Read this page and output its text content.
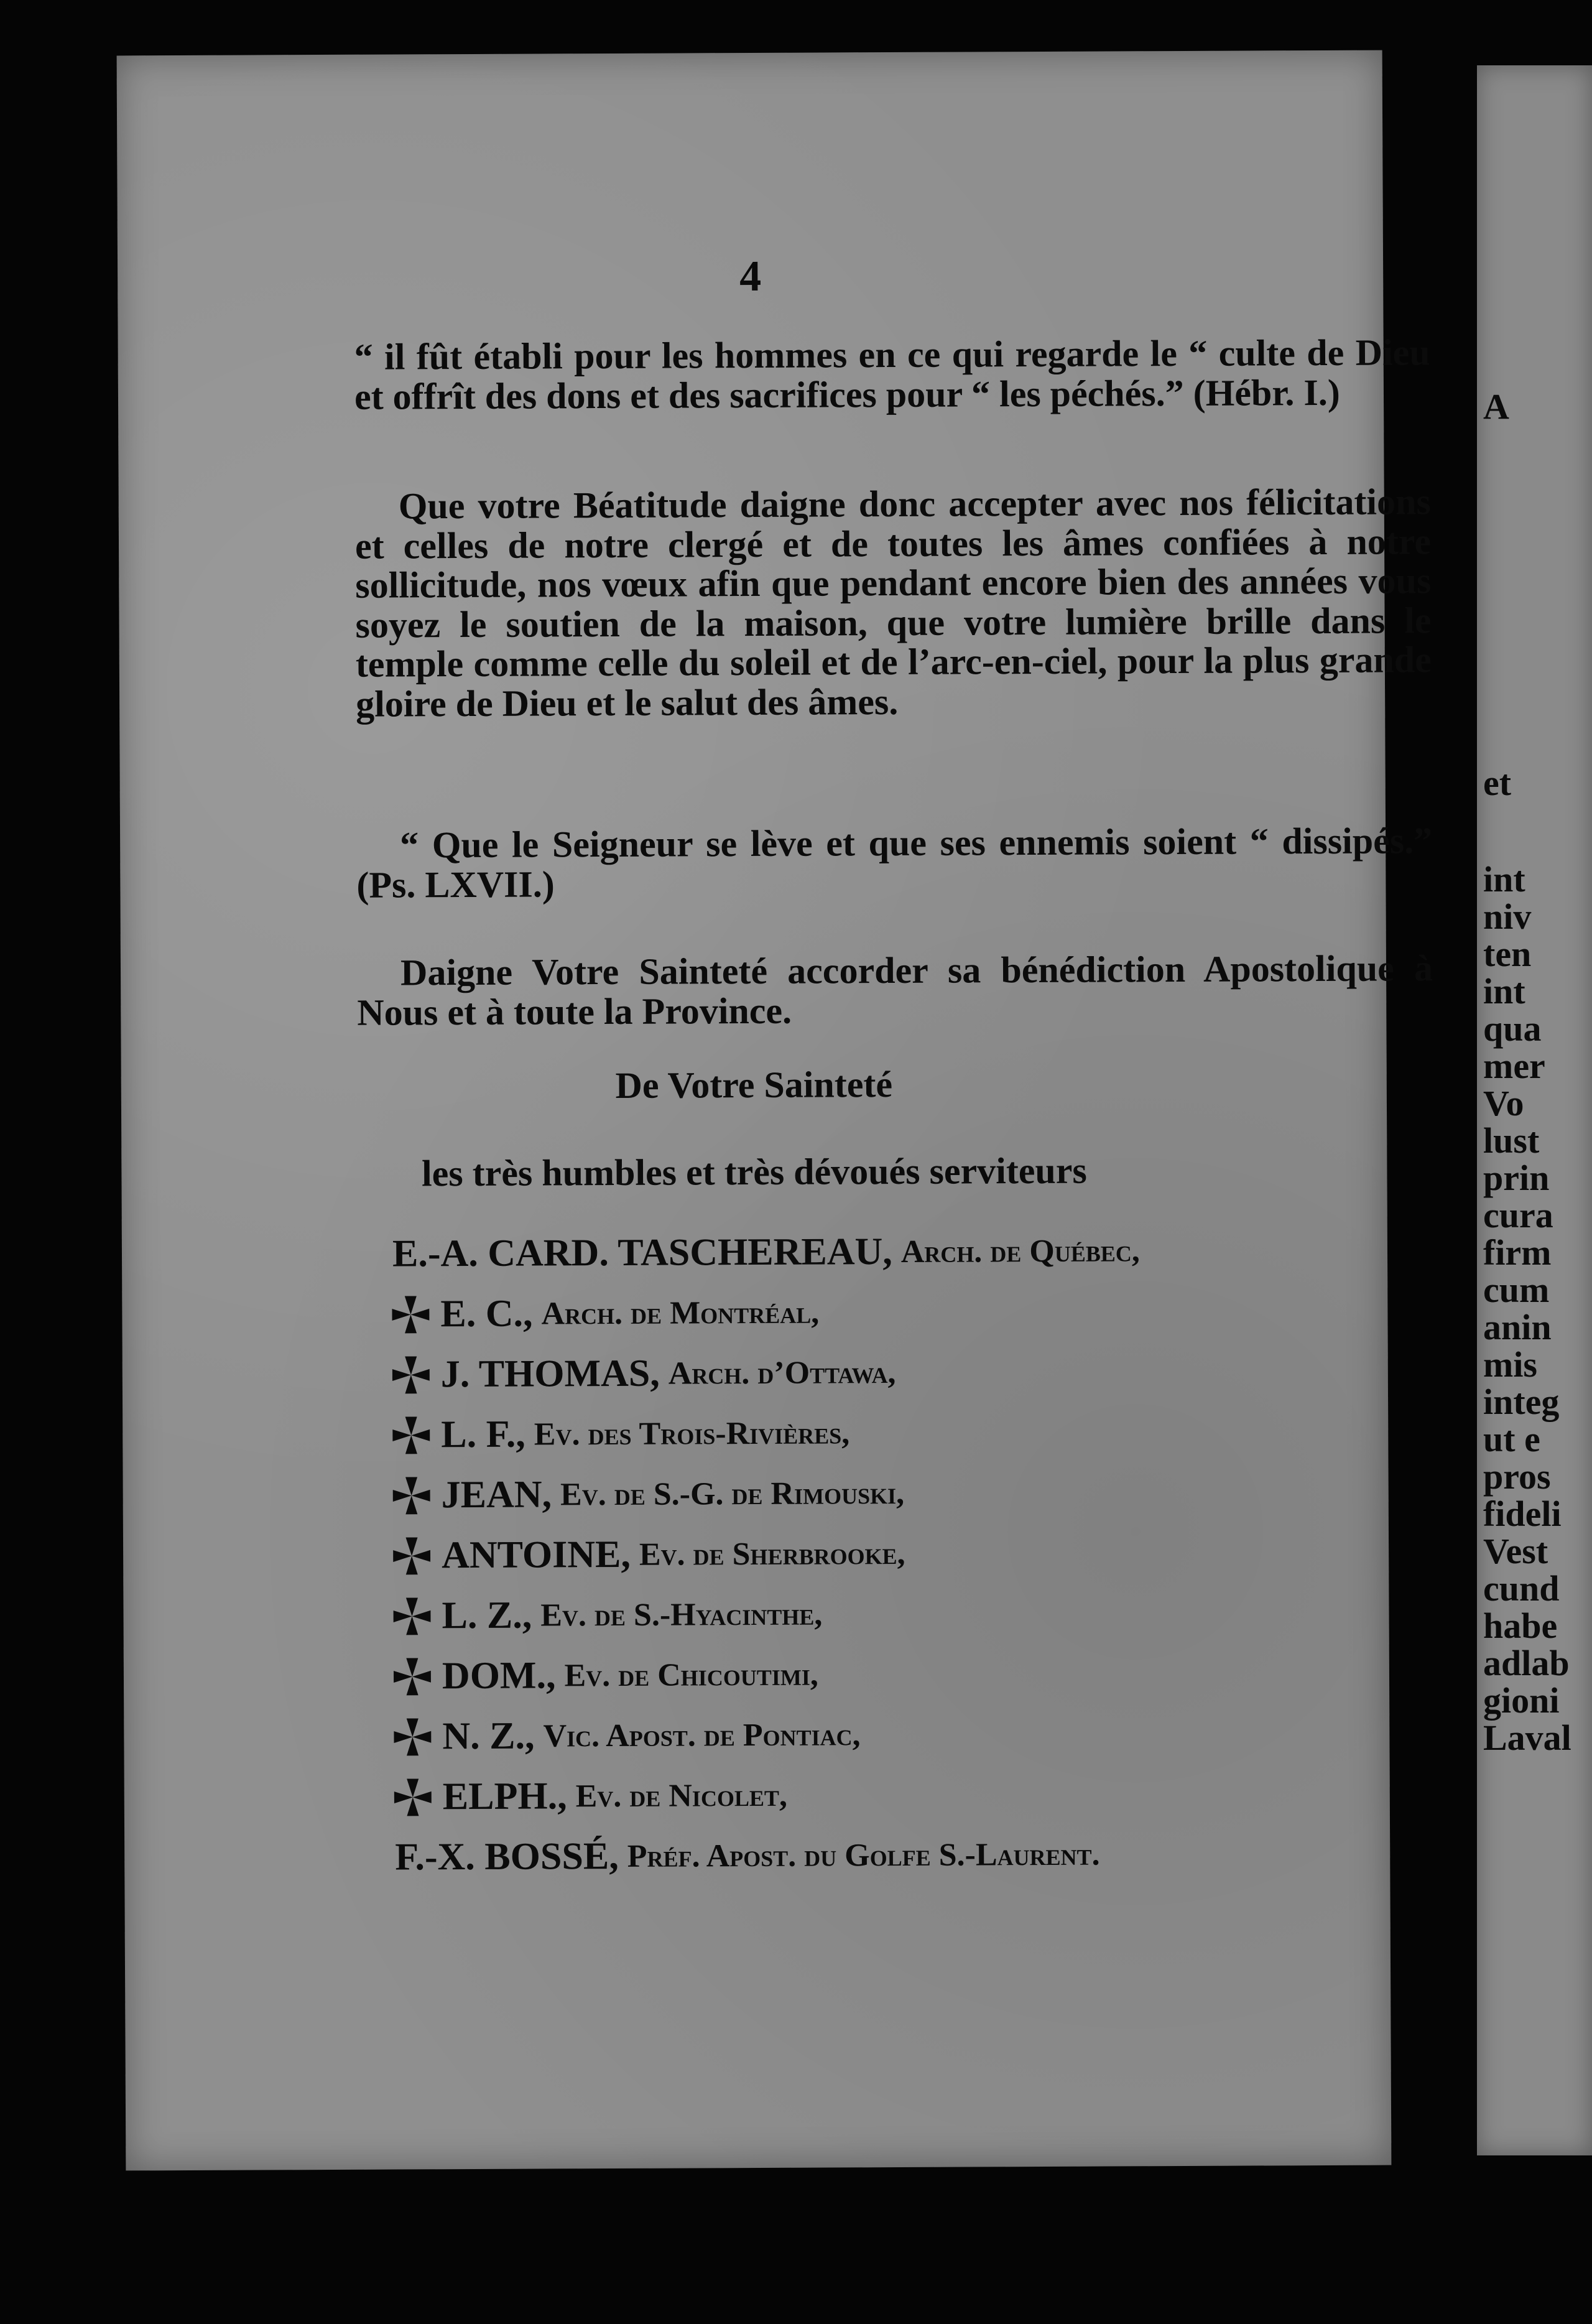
4

“ il fût établi pour les hommes en ce qui regarde le “ culte de Dieu et offrît des dons et des sacrifices pour “ les péchés.” (Hébr. I.)

Que votre Béatitude daigne donc accepter avec nos félicitations et celles de notre clergé et de toutes les âmes confiées à notre sollicitude, nos vœux afin que pendant encore bien des années vous soyez le soutien de la maison, que votre lumière brille dans le temple comme celle du soleil et de l’arc-en-ciel, pour la plus grande gloire de Dieu et le salut des âmes.

“ Que le Seigneur se lève et que ses ennemis soient “ dissipés.” (Ps. LXVII.)

Daigne Votre Sainteté accorder sa bénédiction Apostolique à Nous et à toute la Province.

De Votre Sainteté
les très humbles et très dévoués serviteurs
E.-A. CARD. TASCHEREAU, Arch. de Québec,
E. C., Arch. de Montréal,
J. THOMAS, Arch. d’Ottawa,
L. F., Ev. des Trois-Rivières,
JEAN, Ev. de S.-G. de Rimouski,
ANTOINE, Ev. de Sherbrooke,
L. Z., Ev. de S.-Hyacinthe,
DOM., Ev. de Chicoutimi,
N. Z., Vic. Apost. de Pontiac,
ELPH., Ev. de Nicolet,
F.-X. BOSSÉ, Préf. Apost. du Golfe S.-Laurent.
A
et
int
niv
ten
int
qua
mer
Vo
lust
prin
cura
firm
cum
anin
mis
integ
ut e
pros
fideli
Vest
cund
habe
adlab
gioni
Laval
